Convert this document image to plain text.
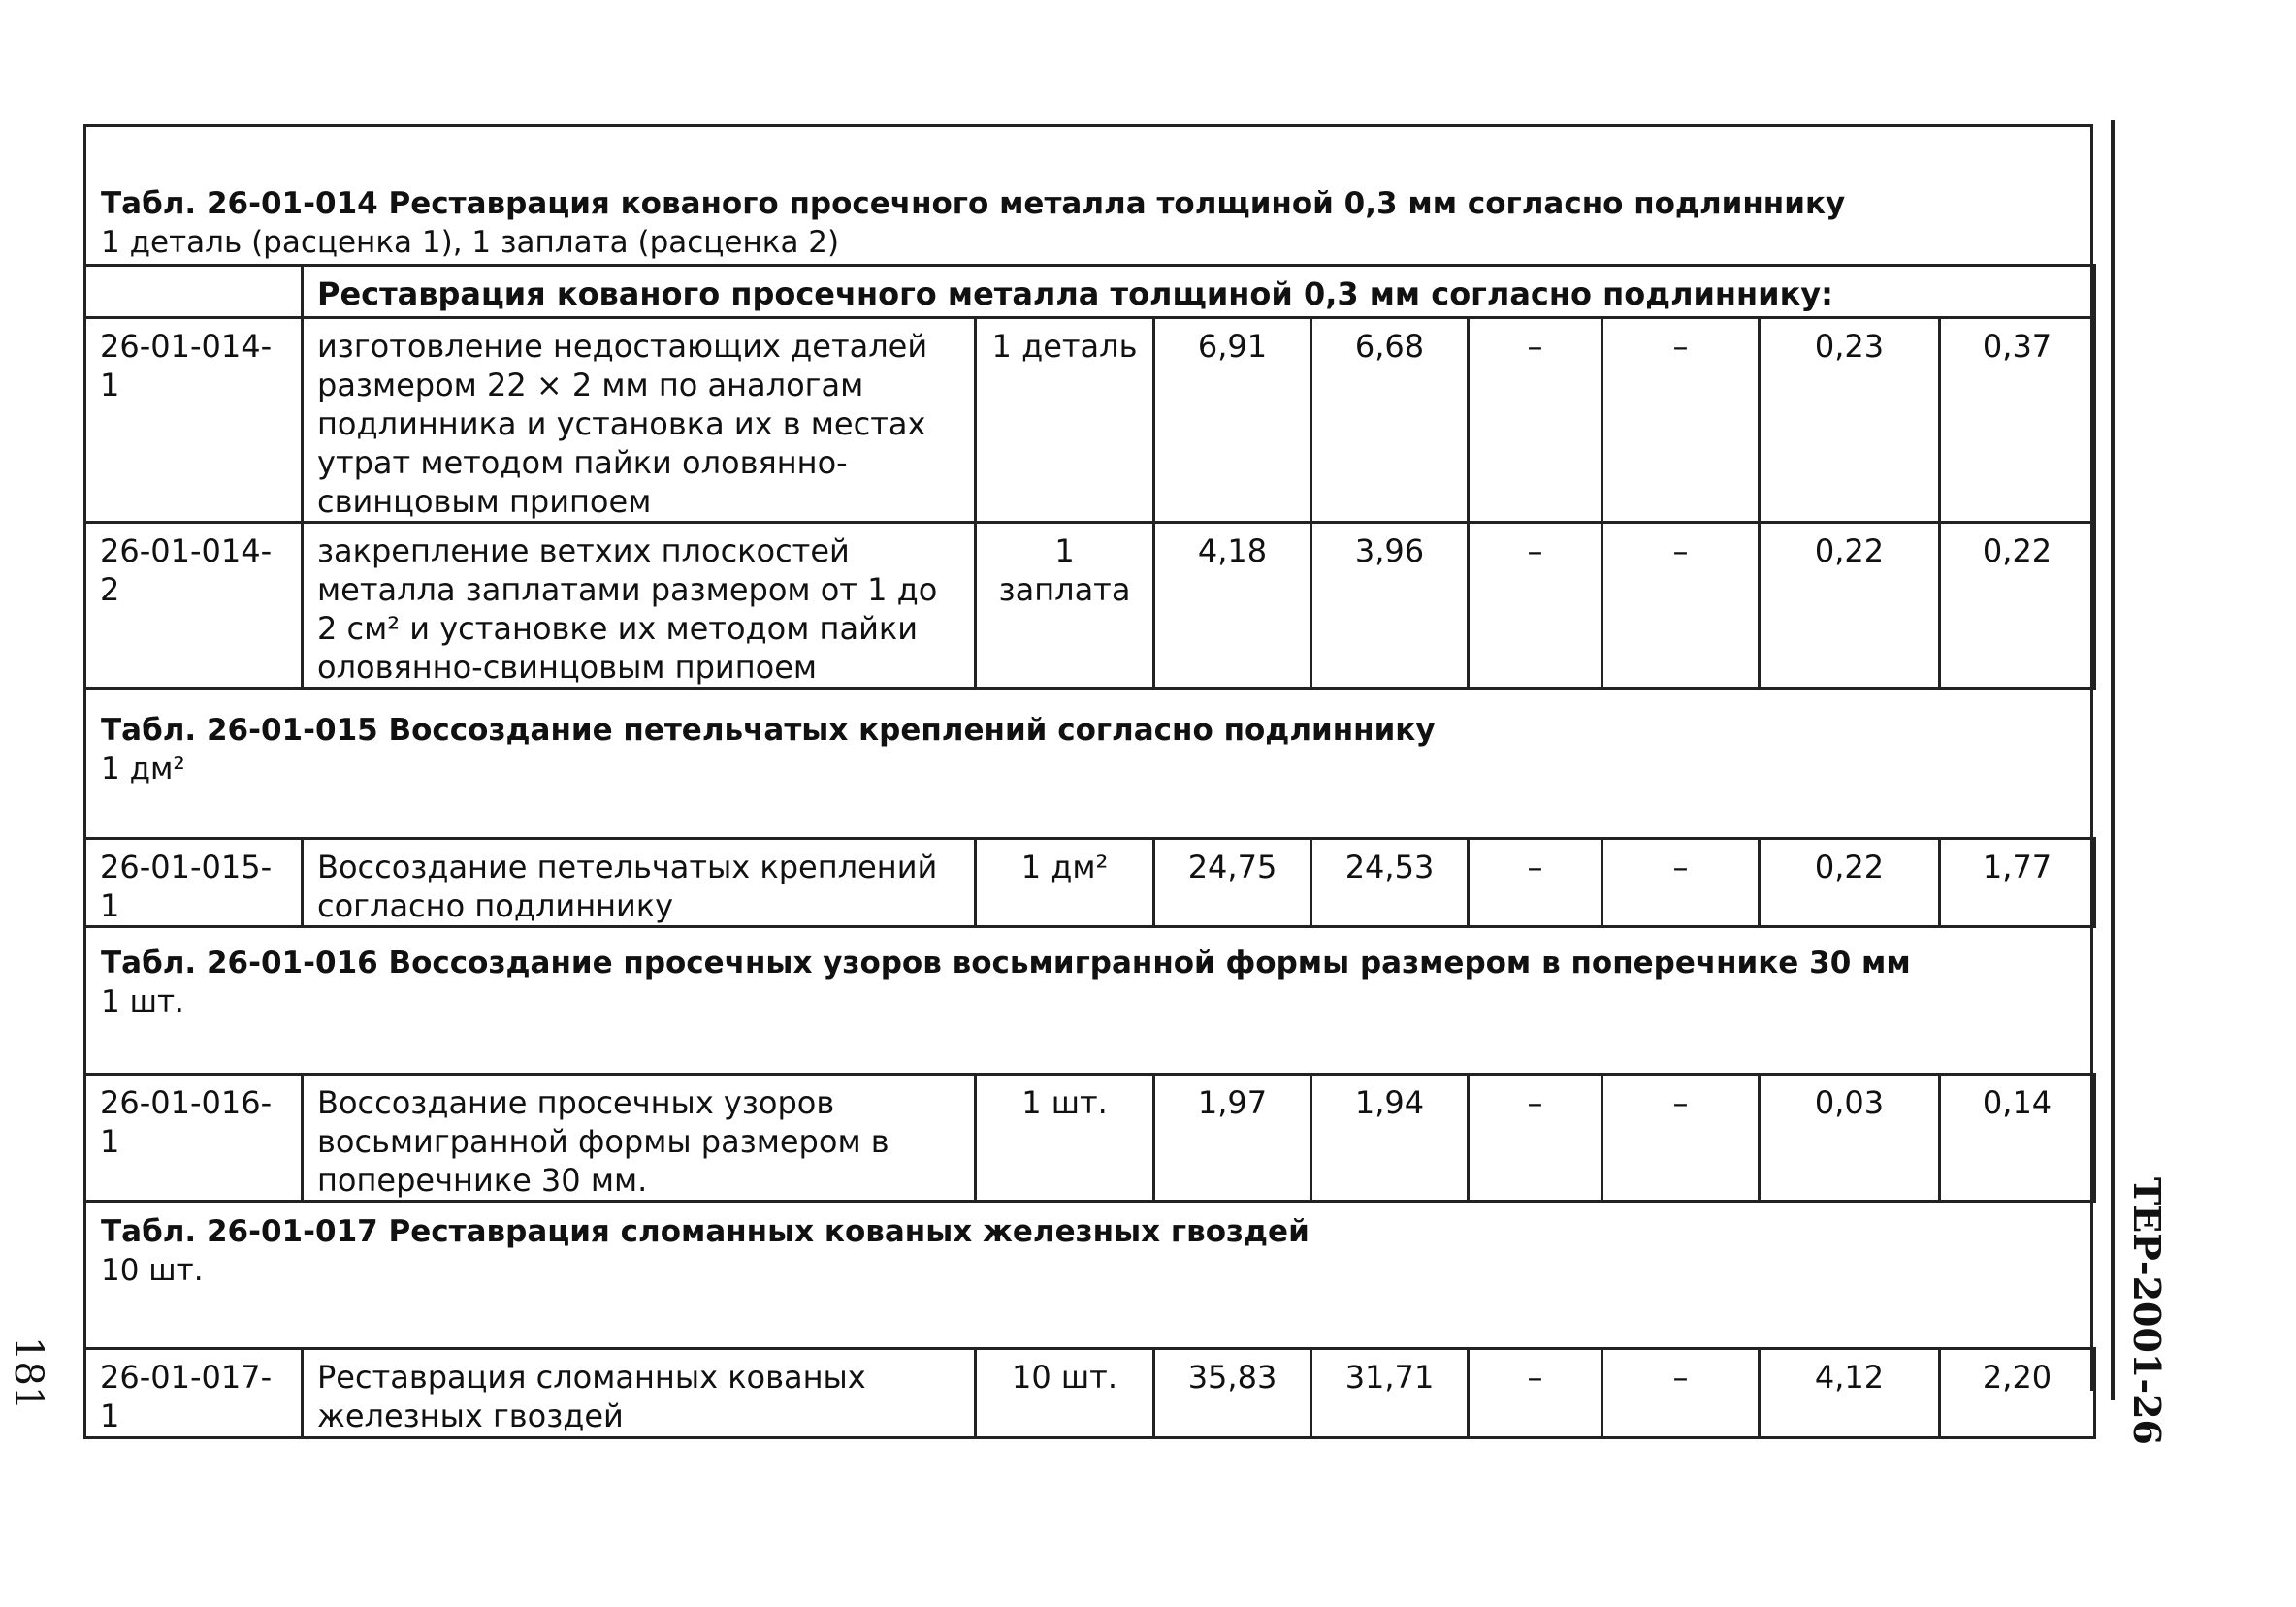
Табл. 26-01-014 Реставрация кованого просечного металла толщиной 0,3 мм согласно подлиннику
1 деталь (расценка 1), 1 заплата (расценка 2)
Табл. 26-01-015 Воссоздание петельчатых креплений согласно подлиннику
1 дм²
Табл. 26-01-016 Воссоздание просечных узоров восьмигранной формы размером в поперечнике 30 мм
1 шт.
Табл. 26-01-017 Реставрация сломанных кованых железных гвоздей
10 шт.
	Реставрация кованого просечного металла толщиной 0,3 мм согласно подлиннику:							
26-01-014-1	изготовление недостающих деталей размером 22 × 2 мм по аналогам подлинника и установка их в местах утрат методом пайки оловянно-свинцовым припоем	1 деталь	6,91	6,68	–	–	0,23	0,37
26-01-014-2	закрепление ветхих плоскостей металла заплатами размером от 1 до 2 см² и установке их методом пайки оловянно-свинцовым припоем	1 заплата	4,18	3,96	–	–	0,22	0,22

26-01-015-1	Воссоздание петельчатых креплений согласно подлиннику	1 дм²	24,75	24,53	–	–	0,22	1,77

26-01-016-1	Воссоздание просечных узоров восьмигранной формы размером в поперечнике 30 мм.	1 шт.	1,97	1,94	–	–	0,03	0,14

26-01-017-1	Реставрация сломанных кованых железных гвоздей	10 шт.	35,83	31,71	–	–	4,12	2,20 ТЕР-2001-26
181
